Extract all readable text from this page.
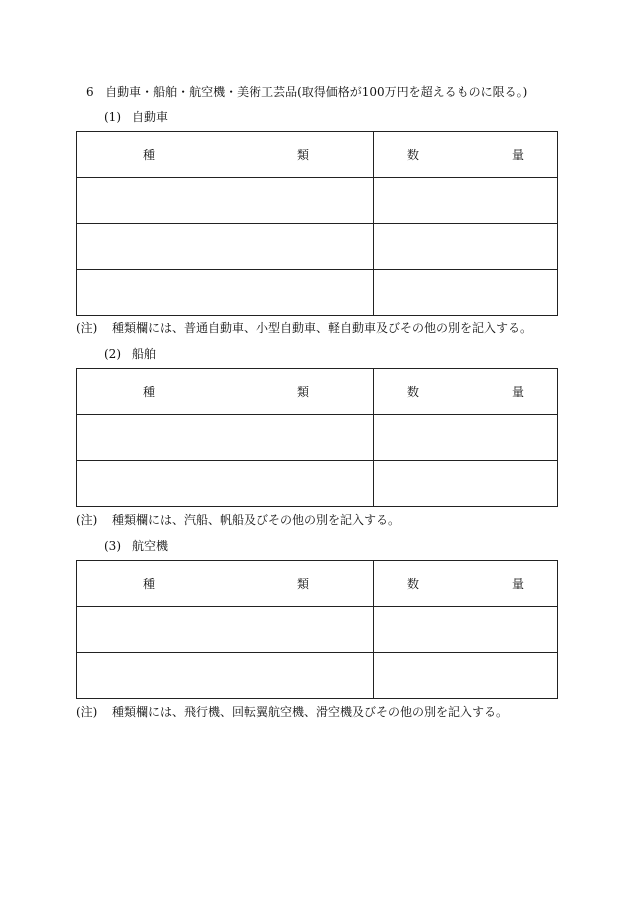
6 自動車・船舶・航空機・美術工芸品(取得価格が100万円を超えるものに限る。)
(1) 自動車
種 類	数 量

(注) 種類欄には、普通自動車、小型自動車、軽自動車及びその他の別を記入する。
(2) 船舶
種 類	数 量

(注) 種類欄には、汽船、帆船及びその他の別を記入する。
(3) 航空機
種 類	数 量

(注) 種類欄には、飛行機、回転翼航空機、滑空機及びその他の別を記入する。
